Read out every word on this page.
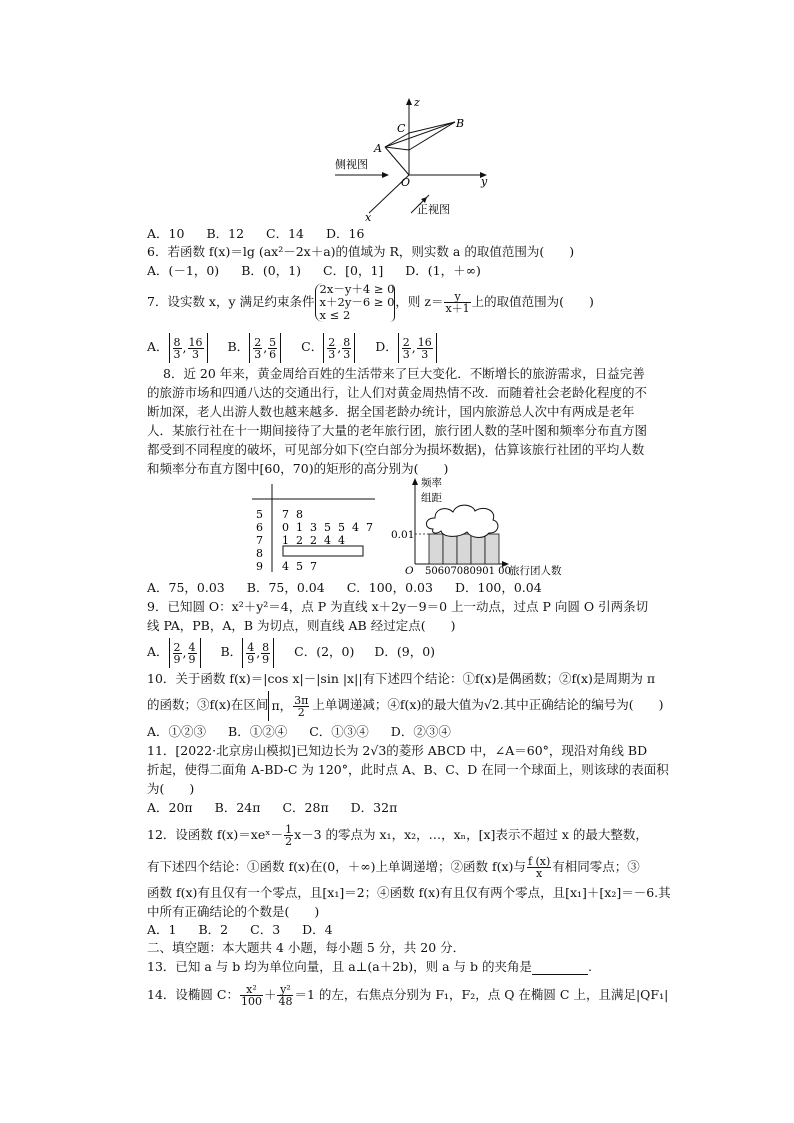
z
y
x
O
A
B
C
侧视图
正视图
A．10 B．12 C．14 D．16
6．若函数 f(x)＝lg (ax²－2x＋a)的值域为 R，则实数 a 的取值范围为(　　)
A．(－1，0) B．(0，1) C．[0，1] D．(1，＋∞)
7．设实数 x，y 满足约束条件
2x－y＋4 ≥ 0
x＋2y－6 ≥ 0
x ≤ 2
，则 $z= \frac{y}{x+1}$ 上的取值范围为(　　)
A． $\frac{8}{3}$ , $\frac{16}{3}$ B． $\frac{2}{3}$ , $\frac{5}{6}$ C． $\frac{2}{3}$ , $\frac{8}{3}$ D． $\frac{2}{3}$ , $\frac{16}{3}$
8．近 20 年来，黄金周给百姓的生活带来了巨大变化．不断增长的旅游需求，日益完善
的旅游市场和四通八达的交通出行，让人们对黄金周热情不改．而随着社会老龄化程度的不
断加深，老人出游人数也越来越多．据全国老龄办统计，国内旅游总人次中有两成是老年
人．某旅行社在十一期间接待了大量的老年旅行团，旅行团人数的茎叶图和频率分布直方图
都受到不同程度的破坏，可见部分如下(空白部分为损坏数据)，估算该旅行社团的平均人数
和频率分布直方图中[60，70)的矩形的高分别为(　　)
5
6
7
8
9
7  8
0  1  3  5  5  4  7
1  2  2  4  4
4  5  7
频率
组距
0.01
O 50607080901 00
旅行团人数
A．75，0.03 B．75，0.04 C．100，0.03 D．100，0.04
9．已知圆 O：x²＋y²＝4，点 P 为直线 x＋2y－9＝0 上一动点，过点 P 向圆 O 引两条切
线 PA，PB，A，B 为切点，则直线 AB 经过定点(　　)
A． $\frac{2}{9}$ , $\frac{4}{9}$ B． $\frac{4}{9}$ , $\frac{8}{9}$ C．(2，0) D．(9，0)
10．关于函数 f(x)＝|cos x|－|sin |x||有下述四个结论：①f(x)是偶函数；②f(x)是周期为 π
的函数；③f(x)在区间 π， $\frac{3\pi}{2}$ 上单调递减；④f(x)的最大值为√2.其中正确结论的编号为(　　)
A．①②③ B．①②④ C．①③④ D．②③④
11．[2022·北京房山模拟]已知边长为 2√3的菱形 ABCD 中，∠A＝60°，现沿对角线 BD
折起，使得二面角 A-BD-C 为 120°，此时点 A、B、C、D 在同一个球面上，则该球的表面积
为(　　)
A．20π B．24π C．28π D．32π
12．设函数 f(x)＝xeˣ－ $\frac{1}{2} x-3$ 的零点为 x₁，x₂，…，xₙ，[x]表示不超过 x 的最大整数，
有下述四个结论：①函数 f(x)在(0，＋∞)上单调递增；②函数 f(x)与 $\frac{f (x)}{x}$ 有相同零点；③
函数 f(x)有且仅有一个零点，且[x₁]＝2；④函数 f(x)有且仅有两个零点，且[x₁]＋[x₂]＝－6.其
中所有正确结论的个数是(　　)
A．1 B．2 C．3 D．4
二、填空题：本大题共 4 小题，每小题 5 分，共 20 分．
13．已知 a 与 b 均为单位向量，且 a⊥(a＋2b)，则 a 与 b 的夹角是	.
14．设椭圆 C： $\frac{\text{x²}}{100} + \frac{\text{y²}}{48} =1$ 的左，右焦点分别为 F₁，F₂，点 Q 在椭圆 C 上，且满足|QF₁|
